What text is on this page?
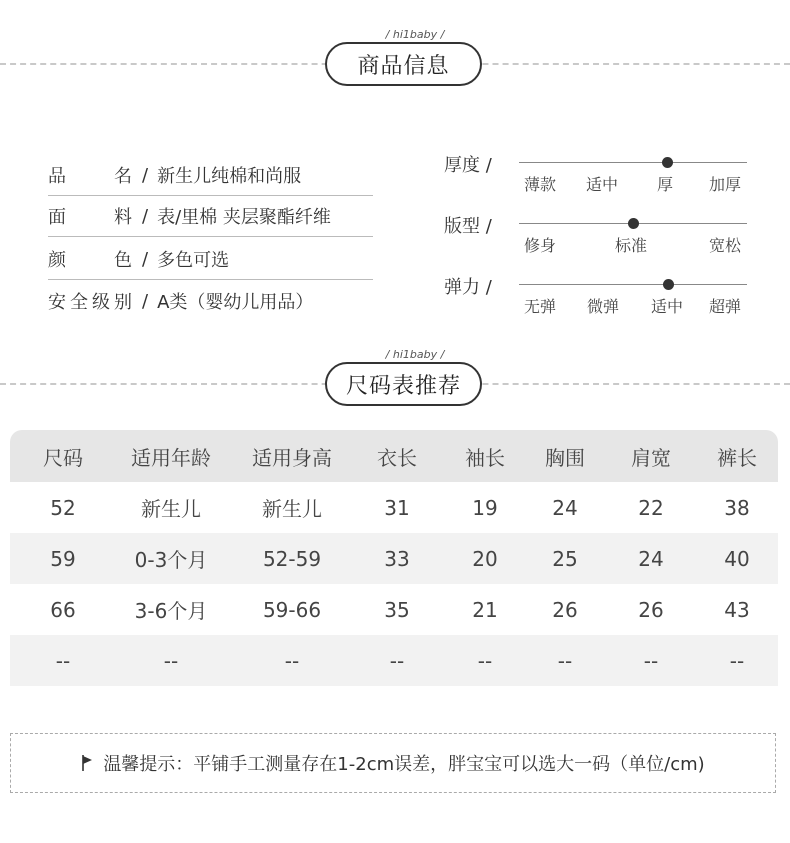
商品信息
/ hi1baby /
品　名 / 新生儿纯棉和尚服
面　料 / 表/里棉 夹层聚酯纤维
颜　色 / 多色可选
安全级别 / A类（婴幼儿用品）
厚度 /
薄款 适中 厚 加厚
版型 /
修身	标准	宽松
弹力 /
无弹 微弹 适中 超弹
尺码表推荐
/ hi1baby /
尺码	适用年龄	适用身高	衣长	袖长	胸围	肩宽	裤长
52	新生儿	新生儿	31	19	24	22	38
59	0-3个月	52-59	33	20	25	24	40
66	3-6个月	59-66	35	21	26	26	43
--	--	--	--	--	--	--	--
温馨提示：平铺手工测量存在1-2cm误差，胖宝宝可以选大一码（单位/cm)
